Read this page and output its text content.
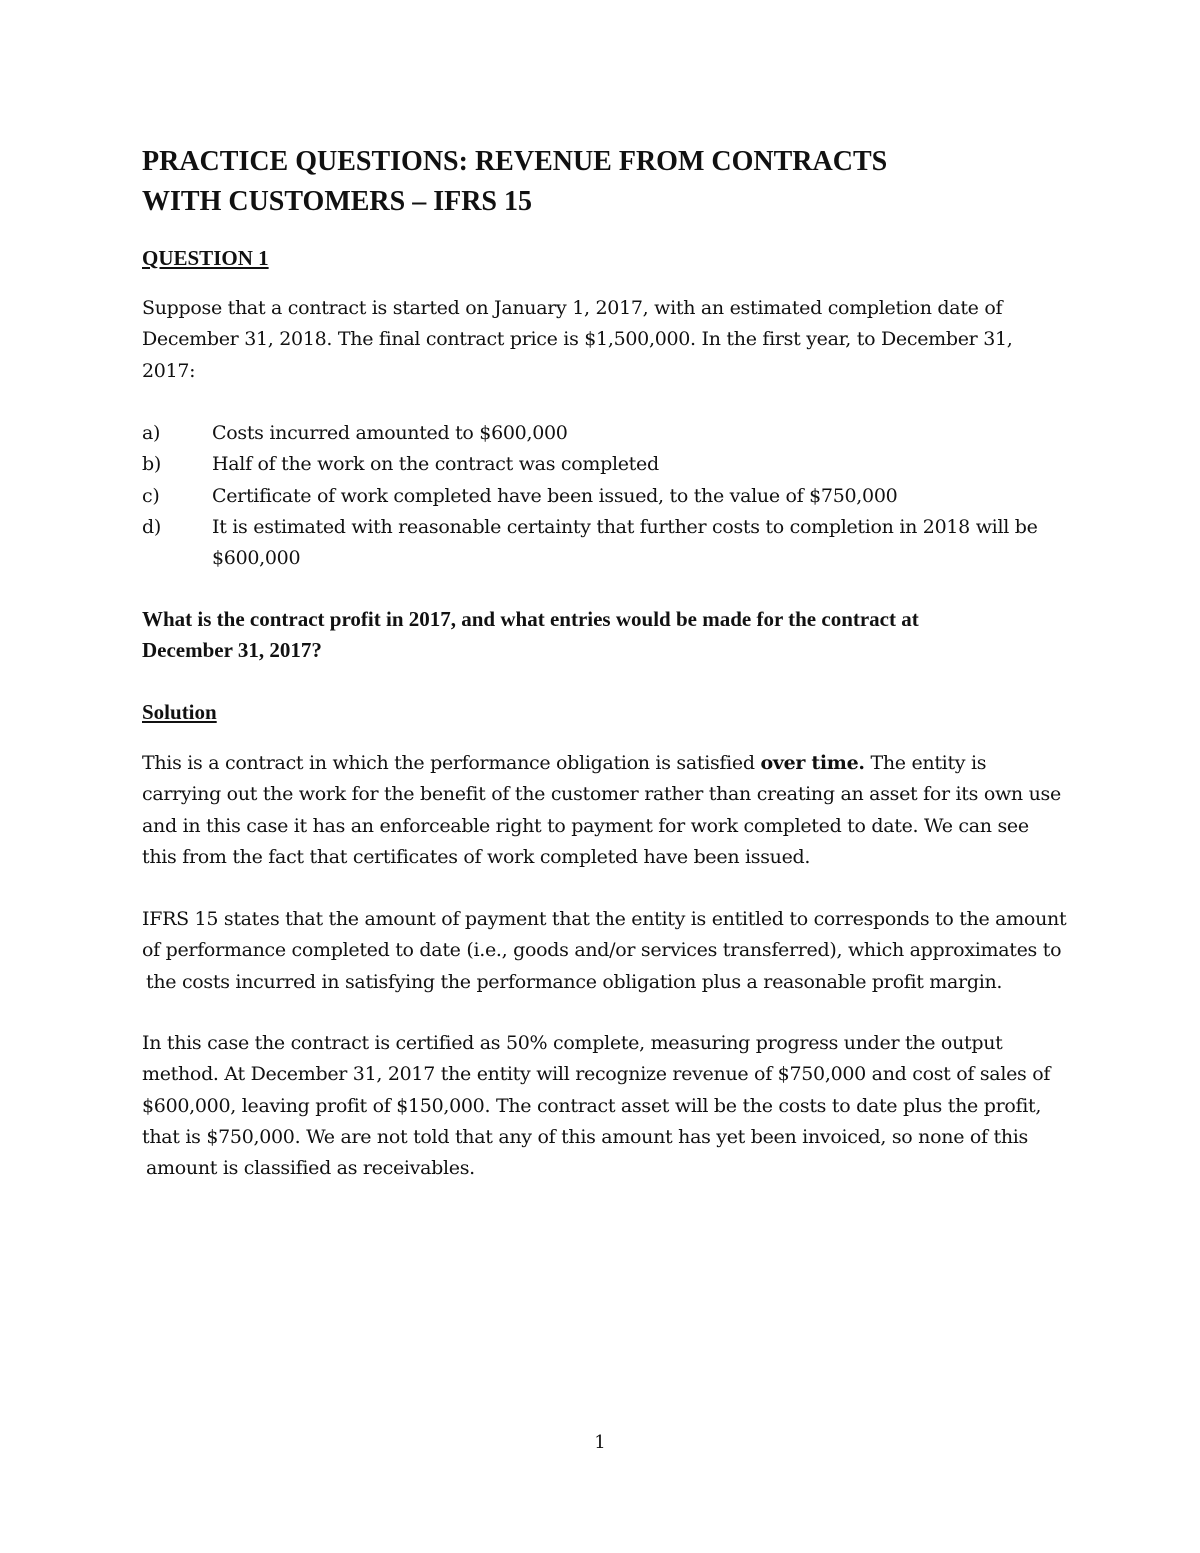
PRACTICE QUESTIONS: REVENUE FROM CONTRACTS
WITH CUSTOMERS – IFRS 15
QUESTION 1

Suppose that a contract is started on January 1, 2017, with an estimated completion date of
December 31, 2018. The final contract price is $1,500,000. In the first year, to December 31,
2017:

a)	Costs incurred amounted to $600,000
b)	Half of the work on the contract was completed
c)	Certificate of work completed have been issued, to the value of $750,000
d)	It is estimated with reasonable certainty that further costs to completion in 2018 will be
$600,000

What is the contract profit in 2017, and what entries would be made for the contract at
December 31, 2017?

Solution

This is a contract in which the performance obligation is satisfied over time. The entity is
carrying out the work for the benefit of the customer rather than creating an asset for its own use
and in this case it has an enforceable right to payment for work completed to date. We can see
this from the fact that certificates of work completed have been issued.

IFRS 15 states that the amount of payment that the entity is entitled to corresponds to the amount
of performance completed to date (i.e., goods and/or services transferred), which approximates to
the costs incurred in satisfying the performance obligation plus a reasonable profit margin.

In this case the contract is certified as 50% complete, measuring progress under the output
method. At December 31, 2017 the entity will recognize revenue of $750,000 and cost of sales of
$600,000, leaving profit of $150,000. The contract asset will be the costs to date plus the profit,
that is $750,000. We are not told that any of this amount has yet been invoiced, so none of this
amount is classified as receivables.

1
